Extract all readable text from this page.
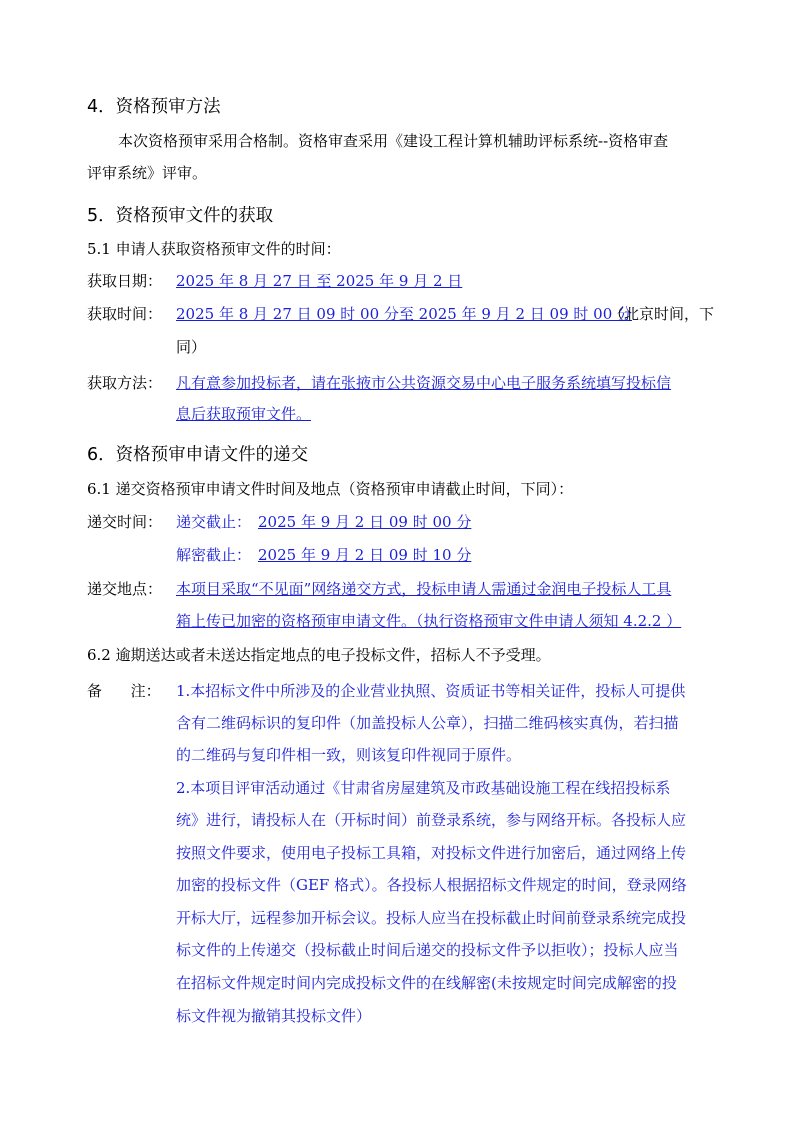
4．资格预审方法
本次资格预审采用合格制。资格审查采用《建设工程计算机辅助评标系统--资格审查
评审系统》评审。
5．资格预审文件的获取
5.1 申请人获取资格预审文件的时间：
获取日期： 2025 年 8 月 27 日 至 2025 年 9 月 2 日
获取时间： 2025 年 8 月 27 日 09 时 00 分至 2025 年 9 月 2 日 09 时 00 分
（北京时间，下
同）
获取方法： 凡有意参加投标者，请在张掖市公共资源交易中心电子服务系统填写投标信
息后获取预审文件。
6．资格预审申请文件的递交
6.1 递交资格预审申请文件时间及地点（资格预审申请截止时间，下同）：
递交时间： 递交截止： 2025 年 9 月 2 日 09 时 00 分
解密截止： 2025 年 9 月 2 日 09 时 10 分
递交地点： 本项目采取“不见面”网络递交方式，投标申请人需通过金润电子投标人工具
箱上传已加密的资格预审申请文件。（执行资格预审文件申请人须知 4.2.2 ）
6.2 逾期送达或者未送达指定地点的电子投标文件，招标人不予受理。
备      注： 1.本招标文件中所涉及的企业营业执照、资质证书等相关证件，投标人可提供
含有二维码标识的复印件（加盖投标人公章），扫描二维码核实真伪，若扫描
的二维码与复印件相一致，则该复印件视同于原件。
2.本项目评审活动通过《甘肃省房屋建筑及市政基础设施工程在线招投标系
统》进行，请投标人在（开标时间）前登录系统，参与网络开标。各投标人应
按照文件要求，使用电子投标工具箱，对投标文件进行加密后，通过网络上传
加密的投标文件（GEF 格式）。各投标人根据招标文件规定的时间，登录网络
开标大厅，远程参加开标会议。投标人应当在投标截止时间前登录系统完成投
标文件的上传递交（投标截止时间后递交的投标文件予以拒收）；投标人应当
在招标文件规定时间内完成投标文件的在线解密(未按规定时间完成解密的投
标文件视为撤销其投标文件）
